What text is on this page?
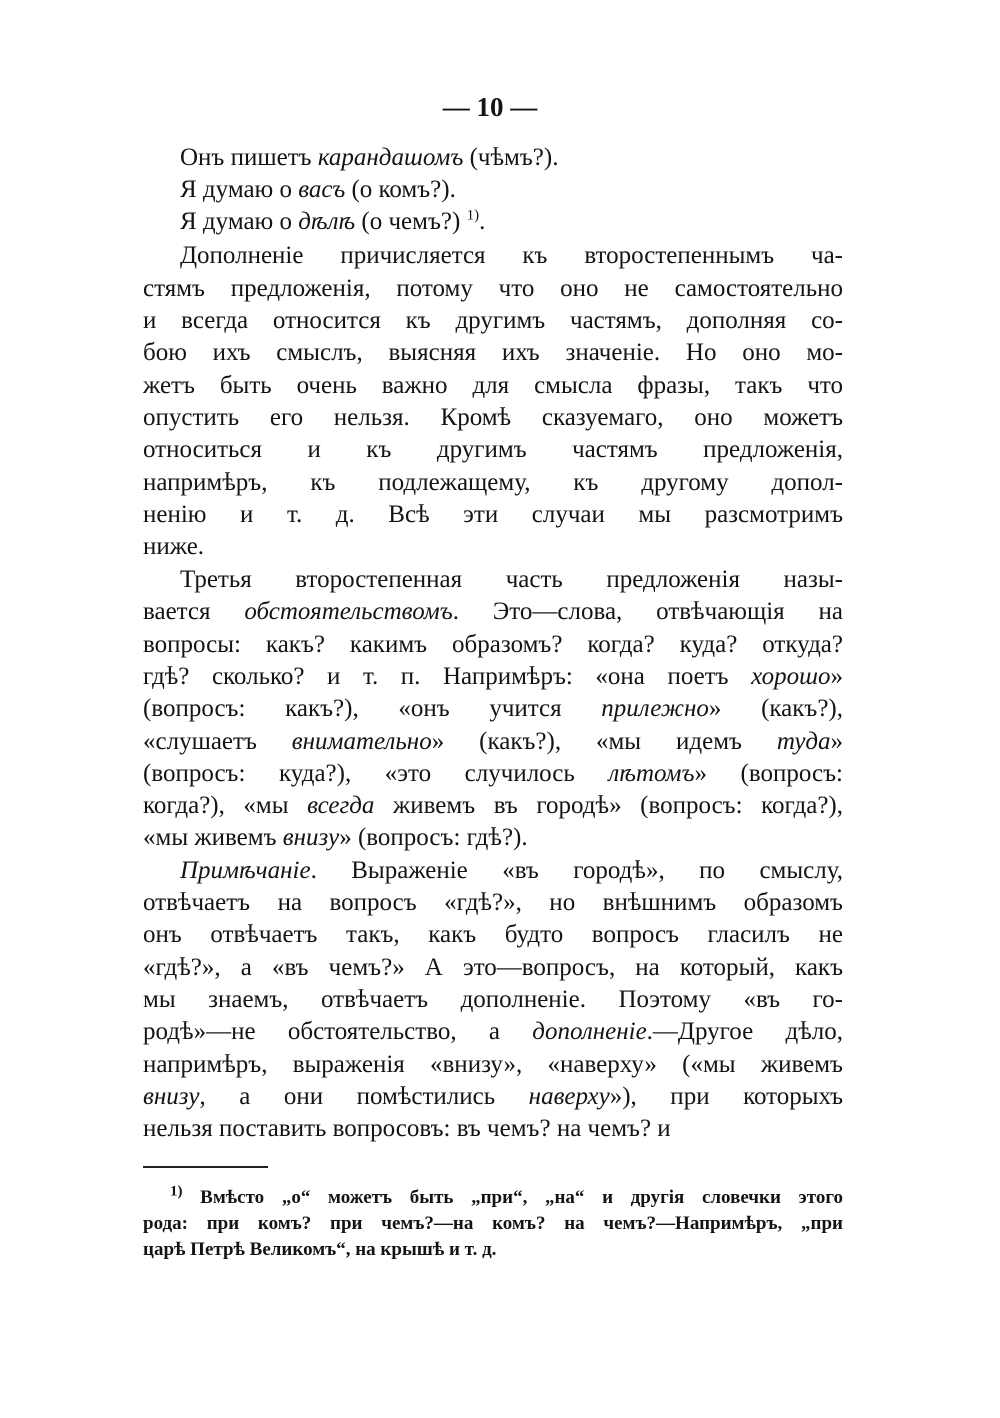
— 10 —
Онъ пишетъ карандашомъ (чѣмъ?).
Я думаю о васъ (о комъ?).
Я думаю о дѣлѣ (о чемъ?) $^{1)}$.
Дополненіе причисляется къ второстепеннымъ ча-
стямъ предложенія, потому что оно не самостоятельно
и всегда относится къ другимъ частямъ, дополняя со-
бою ихъ смыслъ, выясняя ихъ значеніе. Но оно мо-
жетъ быть очень важно для смысла фразы, такъ что
опустить его нельзя. Кромѣ сказуемаго, оно можетъ
относиться и къ другимъ частямъ предложенія,
напримѣръ, къ подлежащему, къ другому допол-
ненію и т. д. Всѣ эти случаи мы разсмотримъ
ниже.
Третья второстепенная часть предложенія назы-
вается обстоятельствомъ. Это—слова, отвѣчающія на
вопросы: какъ? какимъ образомъ? когда? куда? откуда?
гдѣ? сколько? и т. п. Напримѣръ: «она поетъ хорошо»
(вопросъ: какъ?), «онъ учится прилежно» (какъ?),
«слушаетъ внимательно» (какъ?), «мы идемъ туда»
(вопросъ: куда?), «это случилось лѣтомъ» (вопросъ:
когда?), «мы всегда живемъ въ городѣ» (вопросъ: когда?),
«мы живемъ внизу» (вопросъ: гдѣ?).
Примѣчаніе. Выраженіе «въ городѣ», по смыслу,
отвѣчаетъ на вопросъ «гдѣ?», но внѣшнимъ образомъ
онъ отвѣчаетъ такъ, какъ будто вопросъ гласилъ не
«гдѣ?», а «въ чемъ?» А это—вопросъ, на который, какъ
мы знаемъ, отвѣчаетъ дополненіе. Поэтому «въ го-
родѣ»—не обстоятельство, а дополненіе.—Другое дѣло,
напримѣръ, выраженія «внизу», «наверху» («мы живемъ
внизу, а они помѣстились наверху»), при которыхъ
нельзя поставить вопросовъ: въ чемъ? на чемъ? и
$^{1)}$ Вмѣсто „о“ можетъ быть „при“, „на“ и другія словечки этого
рода: при комъ? при чемъ?—на комъ? на чемъ?—Напримѣръ, „при
царѣ Петрѣ Великомъ“, на крышѣ и т. д.
